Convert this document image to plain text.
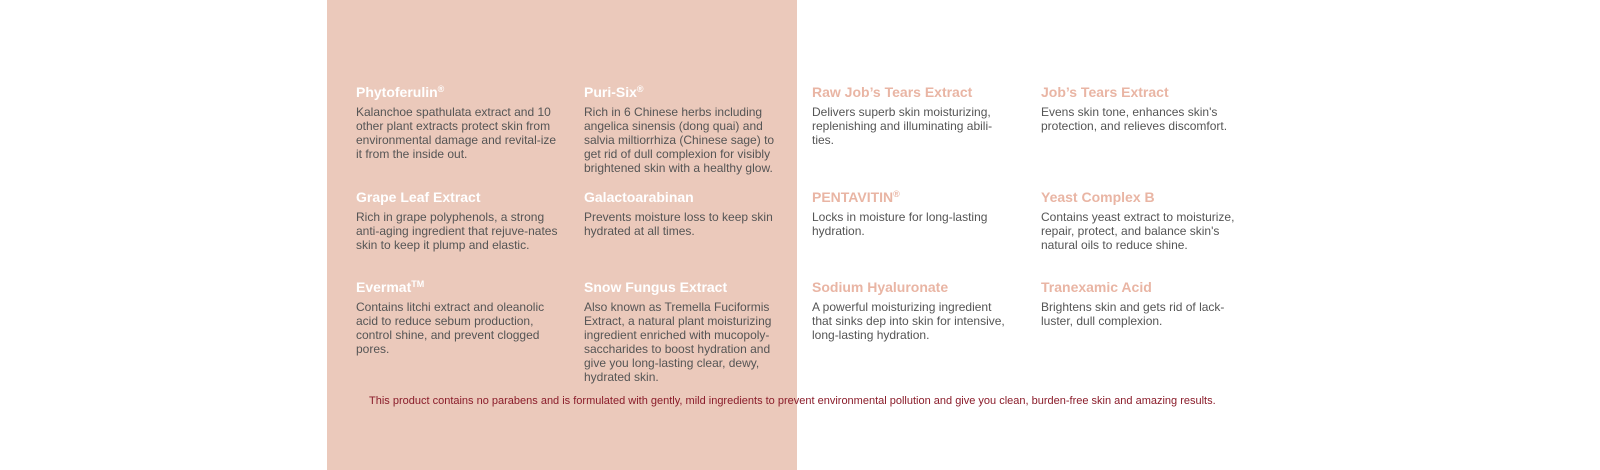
Phytoferulin®

Kalanchoe spathulata extract and 10 other plant extracts protect skin from environmental damage and revital-ize it from the inside out.

Puri-Six®

Rich in 6 Chinese herbs including angelica sinensis (dong quai) and salvia miltiorrhiza (Chinese sage) to get rid of dull complexion for visibly brightened skin with a healthy glow.

Raw Job’s Tears Extract

Delivers superb skin moisturizing, replenishing and illuminating abili-ties.

Job’s Tears Extract

Evens skin tone, enhances skin's protection, and relieves discomfort.

Grape Leaf Extract

Rich in grape polyphenols, a strong anti-aging ingredient that rejuve-nates skin to keep it plump and elastic.

Galactoarabinan

Prevents moisture loss to keep skin hydrated at all times.

PENTAVITIN®

Locks in moisture for long-lasting hydration.

Yeast Complex B

Contains yeast extract to moisturize, repair, protect, and balance skin's natural oils to reduce shine.

Evermat™

Contains litchi extract and oleanolic acid to reduce sebum production, control shine, and prevent clogged pores.

Snow Fungus Extract

Also known as Tremella Fuciformis Extract, a natural plant moisturizing ingredient enriched with mucopoly-saccharides to boost hydration and give you long-lasting clear, dewy, hydrated skin.

Sodium Hyaluronate

A powerful moisturizing ingredient that sinks dep into skin for intensive, long-lasting hydration.

Tranexamic Acid

Brightens skin and gets rid of lack-luster, dull complexion.

This product contains no parabens and is formulated with gently, mild ingredients to prevent environmental pollution and give you clean, burden-free skin and amazing results.
